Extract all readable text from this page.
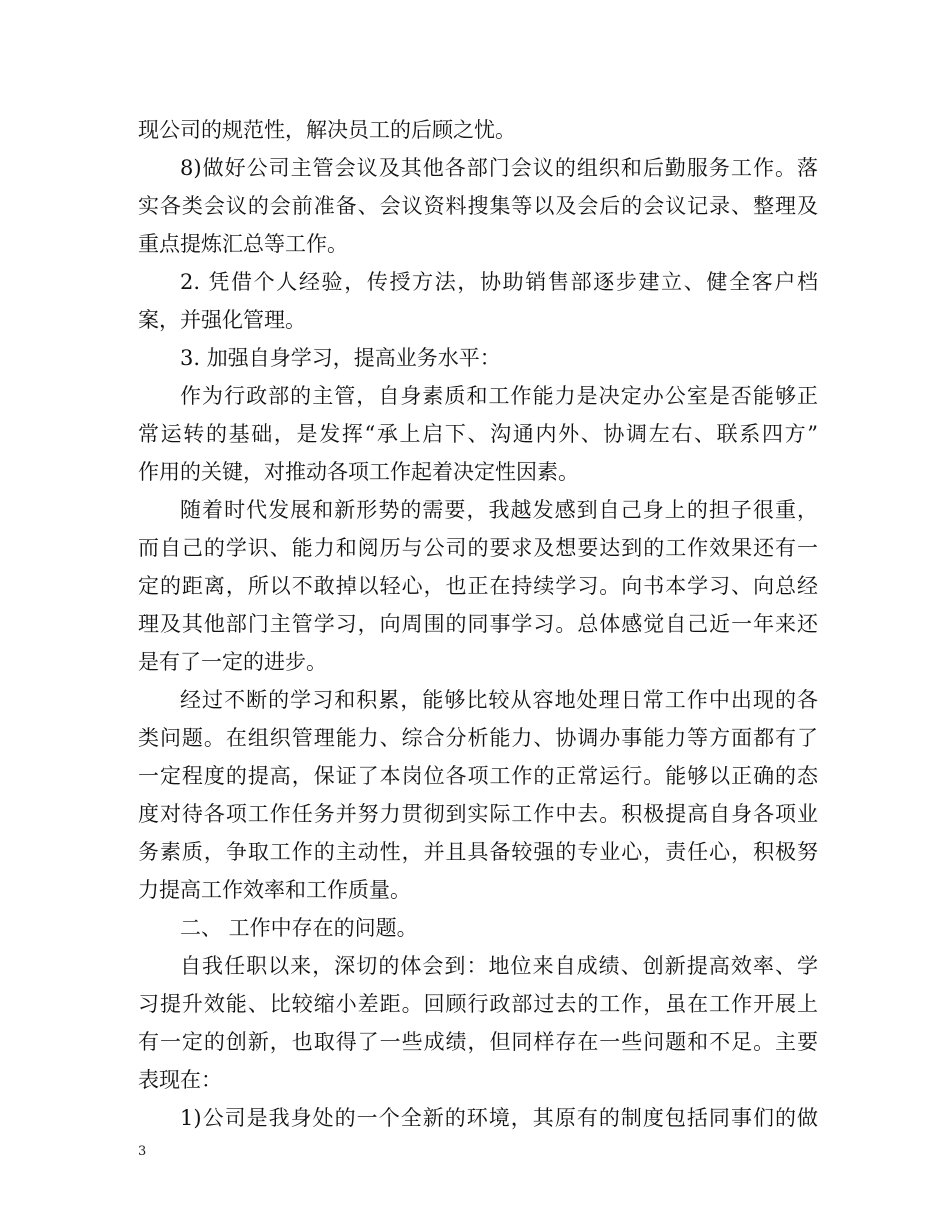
现公司的规范性，解决员工的后顾之忧。
8)做好公司主管会议及其他各部门会议的组织和后勤服务工作。落
实各类会议的会前准备、会议资料搜集等以及会后的会议记录、整理及
重点提炼汇总等工作。
2. 凭借个人经验，传授方法，协助销售部逐步建立、健全客户档
案，并强化管理。
3. 加强自身学习，提高业务水平：
作为行政部的主管，自身素质和工作能力是决定办公室是否能够正
常运转的基础，是发挥“承上启下、沟通内外、协调左右、联系四方”
作用的关键，对推动各项工作起着决定性因素。
随着时代发展和新形势的需要，我越发感到自己身上的担子很重，
而自己的学识、能力和阅历与公司的要求及想要达到的工作效果还有一
定的距离，所以不敢掉以轻心，也正在持续学习。向书本学习、向总经
理及其他部门主管学习，向周围的同事学习。总体感觉自己近一年来还
是有了一定的进步。
经过不断的学习和积累，能够比较从容地处理日常工作中出现的各
类问题。在组织管理能力、综合分析能力、协调办事能力等方面都有了
一定程度的提高，保证了本岗位各项工作的正常运行。能够以正确的态
度对待各项工作任务并努力贯彻到实际工作中去。积极提高自身各项业
务素质，争取工作的主动性，并且具备较强的专业心，责任心，积极努
力提高工作效率和工作质量。
二、 工作中存在的问题。
自我任职以来，深切的体会到：地位来自成绩、创新提高效率、学
习提升效能、比较缩小差距。回顾行政部过去的工作，虽在工作开展上
有一定的创新，也取得了一些成绩，但同样存在一些问题和不足。主要
表现在：
1)公司是我身处的一个全新的环境，其原有的制度包括同事们的做
3
